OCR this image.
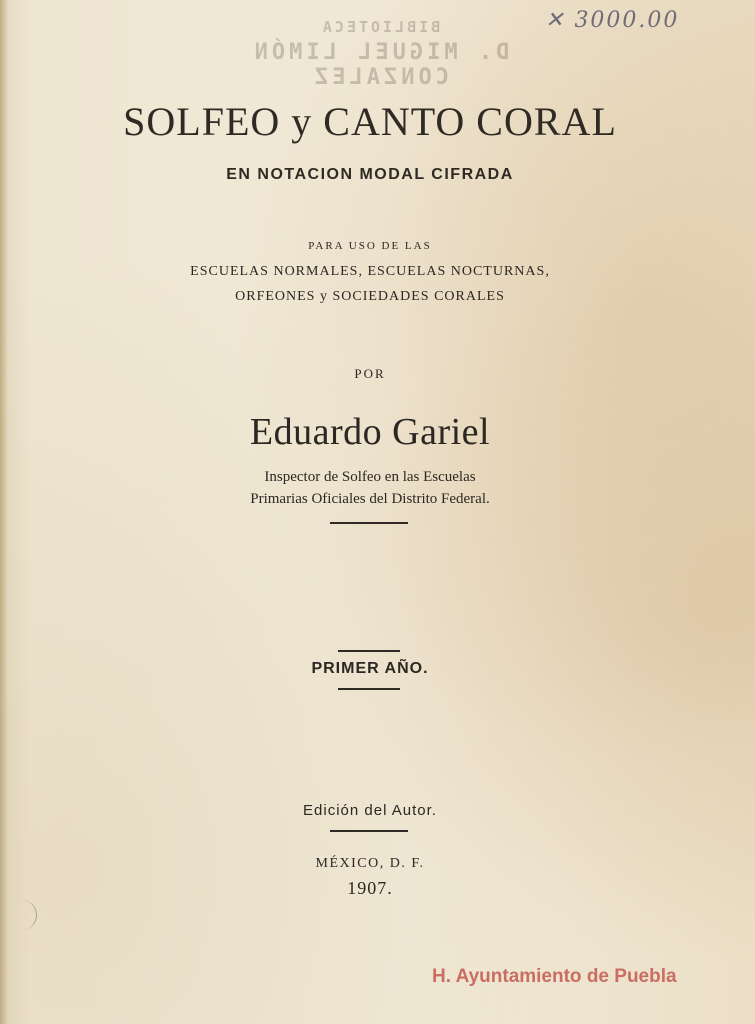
BIBLIOTECA
D. MIGUEL LIMÓN CONZALEZ
✕ 3000.00
SOLFEO y CANTO CORAL
EN NOTACION MODAL CIFRADA
PARA USO DE LAS
ESCUELAS NORMALES, ESCUELAS NOCTURNAS,
ORFEONES y SOCIEDADES CORALES
POR
Eduardo Gariel
Inspector de Solfeo en las Escuelas
Primarias Oficiales del Distrito Federal.
PRIMER AÑO.
Edición del Autor.
MÉXICO, D. F.
1907.
H. Ayuntamiento de Puebla
